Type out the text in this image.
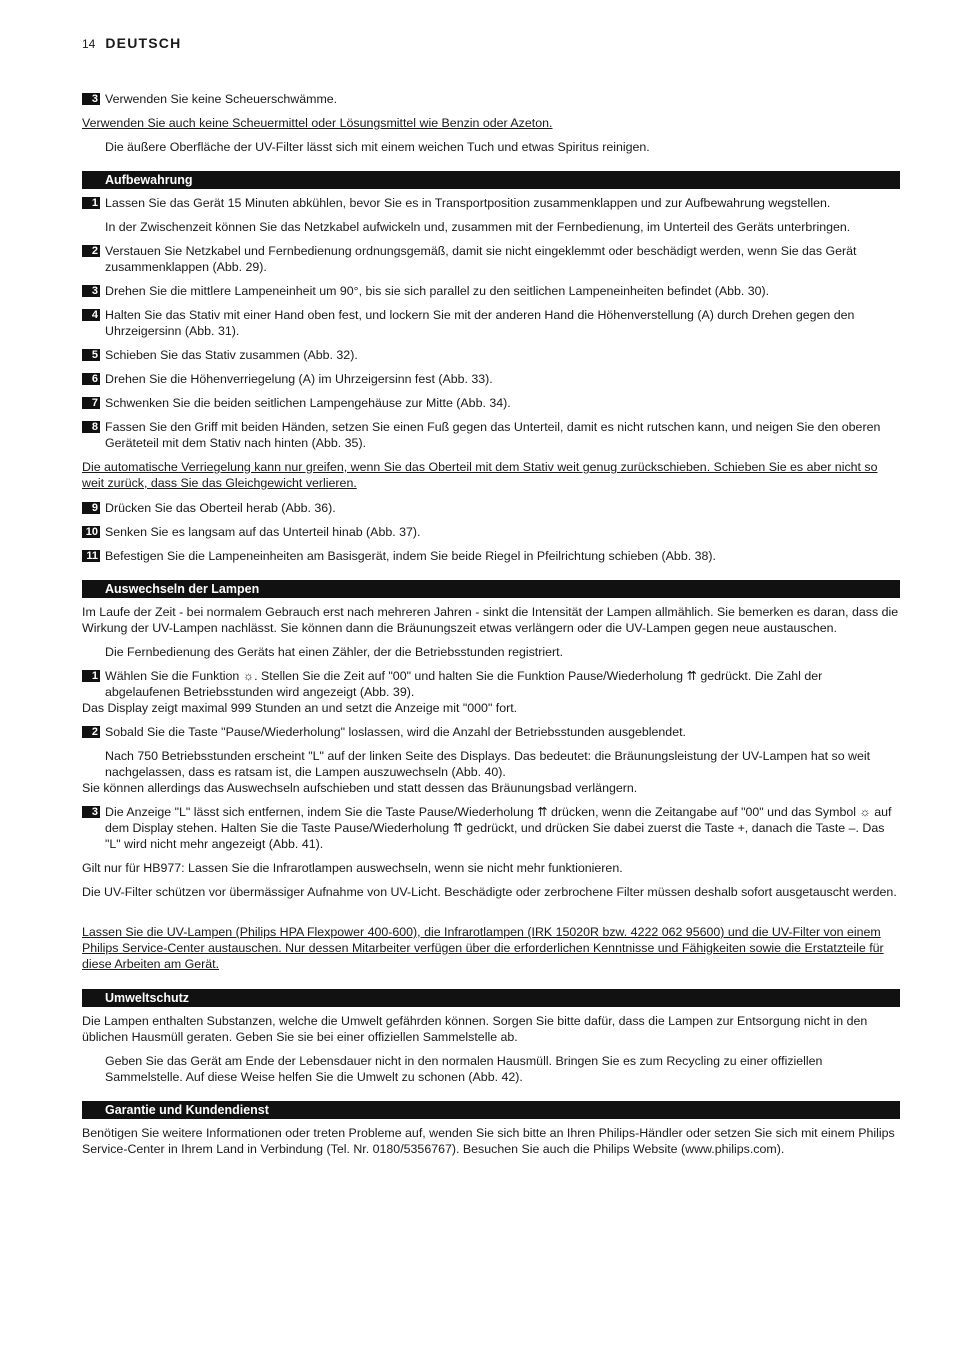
14 DEUTSCH
3 Verwenden Sie keine Scheuerschwämme.
Verwenden Sie auch keine Scheuermittel oder Lösungsmittel wie Benzin oder Azeton.
Die äußere Oberfläche der UV-Filter lässt sich mit einem weichen Tuch und etwas Spiritus reinigen.
Aufbewahrung
1 Lassen Sie das Gerät 15 Minuten abkühlen, bevor Sie es in Transportposition zusammenklappen und zur Aufbewahrung wegstellen.
In der Zwischenzeit können Sie das Netzkabel aufwickeln und, zusammen mit der Fernbedienung, im Unterteil des Geräts unterbringen.
2 Verstauen Sie Netzkabel und Fernbedienung ordnungsgemäß, damit sie nicht eingeklemmt oder beschädigt werden, wenn Sie das Gerät zusammenklappen (Abb. 29).
3 Drehen Sie die mittlere Lampeneinheit um 90°, bis sie sich parallel zu den seitlichen Lampeneinheiten befindet (Abb. 30).
4 Halten Sie das Stativ mit einer Hand oben fest, und lockern Sie mit der anderen Hand die Höhenverstellung (A) durch Drehen gegen den Uhrzeigersinn (Abb. 31).
5 Schieben Sie das Stativ zusammen (Abb. 32).
6 Drehen Sie die Höhenverriegelung (A) im Uhrzeigersinn fest (Abb. 33).
7 Schwenken Sie die beiden seitlichen Lampengehäuse zur Mitte (Abb. 34).
8 Fassen Sie den Griff mit beiden Händen, setzen Sie einen Fuß gegen das Unterteil, damit es nicht rutschen kann, und neigen Sie den oberen Geräteteil mit dem Stativ nach hinten (Abb. 35).
Die automatische Verriegelung kann nur greifen, wenn Sie das Oberteil mit dem Stativ weit genug zurückschieben. Schieben Sie es aber nicht so weit zurück, dass Sie das Gleichgewicht verlieren.
9 Drücken Sie das Oberteil herab (Abb. 36).
10 Senken Sie es langsam auf das Unterteil hinab (Abb. 37).
11 Befestigen Sie die Lampeneinheiten am Basisgerät, indem Sie beide Riegel in Pfeilrichtung schieben (Abb. 38).
Auswechseln der Lampen
Im Laufe der Zeit - bei normalem Gebrauch erst nach mehreren Jahren - sinkt die Intensität der Lampen allmählich. Sie bemerken es daran, dass die Wirkung der UV-Lampen nachlässt. Sie können dann die Bräunungszeit etwas verlängern oder die UV-Lampen gegen neue austauschen.
Die Fernbedienung des Geräts hat einen Zähler, der die Betriebsstunden registriert.
1 Wählen Sie die Funktion ☼. Stellen Sie die Zeit auf "00" und halten Sie die Funktion Pause/Wiederholung ⇈ gedrückt. Die Zahl der abgelaufenen Betriebsstunden wird angezeigt (Abb. 39).
Das Display zeigt maximal 999 Stunden an und setzt die Anzeige mit "000" fort.
2 Sobald Sie die Taste "Pause/Wiederholung" loslassen, wird die Anzahl der Betriebsstunden ausgeblendet.
Nach 750 Betriebsstunden erscheint "L" auf der linken Seite des Displays. Das bedeutet: die Bräunungsleistung der UV-Lampen hat so weit nachgelassen, dass es ratsam ist, die Lampen auszuwechseln (Abb. 40).
Sie können allerdings das Auswechseln aufschieben und statt dessen das Bräunungsbad verlängern.
3 Die Anzeige "L" lässt sich entfernen, indem Sie die Taste Pause/Wiederholung ⇈ drücken, wenn die Zeitangabe auf "00" und das Symbol ☼ auf dem Display stehen. Halten Sie die Taste Pause/Wiederholung ⇈ gedrückt, und drücken Sie dabei zuerst die Taste +, danach die Taste –. Das "L" wird nicht mehr angezeigt (Abb. 41).
Gilt nur für HB977: Lassen Sie die Infrarotlampen auswechseln, wenn sie nicht mehr funktionieren.
Die UV-Filter schützen vor übermässiger Aufnahme von UV-Licht. Beschädigte oder zerbrochene Filter müssen deshalb sofort ausgetauscht werden.
Lassen Sie die UV-Lampen (Philips HPA Flexpower 400-600), die Infrarotlampen (IRK 15020R bzw. 4222 062 95600) und die UV-Filter von einem Philips Service-Center austauschen. Nur dessen Mitarbeiter verfügen über die erforderlichen Kenntnisse und Fähigkeiten sowie die Erstatzteile für diese Arbeiten am Gerät.
Umweltschutz
Die Lampen enthalten Substanzen, welche die Umwelt gefährden können. Sorgen Sie bitte dafür, dass die Lampen zur Entsorgung nicht in den üblichen Hausmüll geraten. Geben Sie sie bei einer offiziellen Sammelstelle ab.
Geben Sie das Gerät am Ende der Lebensdauer nicht in den normalen Hausmüll. Bringen Sie es zum Recycling zu einer offiziellen Sammelstelle. Auf diese Weise helfen Sie die Umwelt zu schonen (Abb. 42).
Garantie und Kundendienst
Benötigen Sie weitere Informationen oder treten Probleme auf, wenden Sie sich bitte an Ihren Philips-Händler oder setzen Sie sich mit einem Philips Service-Center in Ihrem Land in Verbindung (Tel. Nr. 0180/5356767). Besuchen Sie auch die Philips Website (www.philips.com).
